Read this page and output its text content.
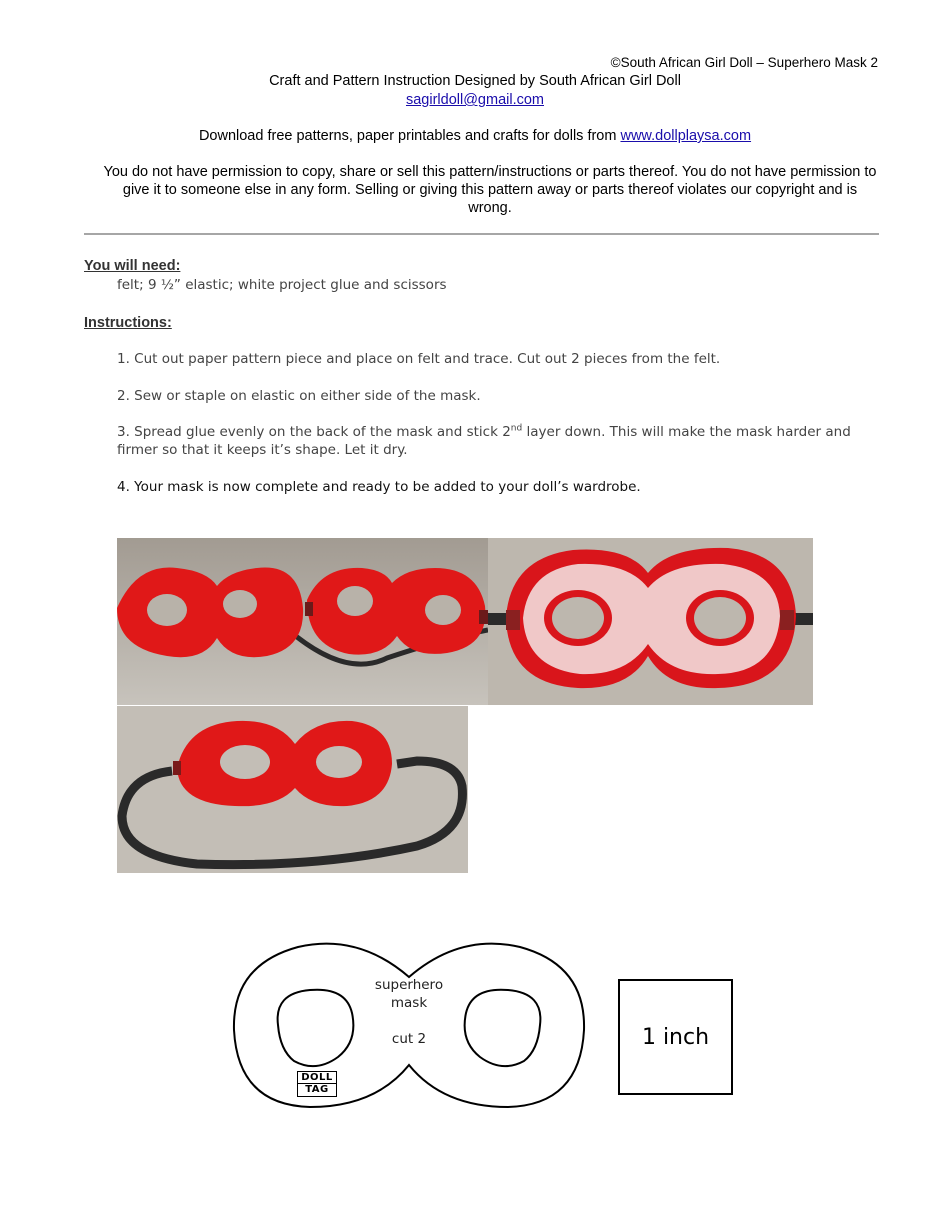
©South African Girl Doll – Superhero Mask 2
Craft and Pattern Instruction Designed by South African Girl Doll
sagirldoll@gmail.com
Download free patterns, paper printables and crafts for dolls from www.dollplaysa.com
You do not have permission to copy, share or sell this pattern/instructions or parts thereof. You do not have permission to give it to someone else in any form. Selling or giving this pattern away or parts thereof violates our copyright and is wrong.
You will need:
felt; 9 ½” elastic; white project glue and scissors
Instructions:
1. Cut out paper pattern piece and place on felt and trace. Cut out 2 pieces from the felt.
2. Sew or staple on elastic on either side of the mask.
3. Spread glue evenly on the back of the mask and stick 2nd layer down. This will make the mask harder and firmer so that it keeps it’s shape. Let it dry.
4. Your mask is now complete and ready to be added to your doll’s wardrobe.
superhero
mask
cut 2
DOLL
TAG
1 inch
